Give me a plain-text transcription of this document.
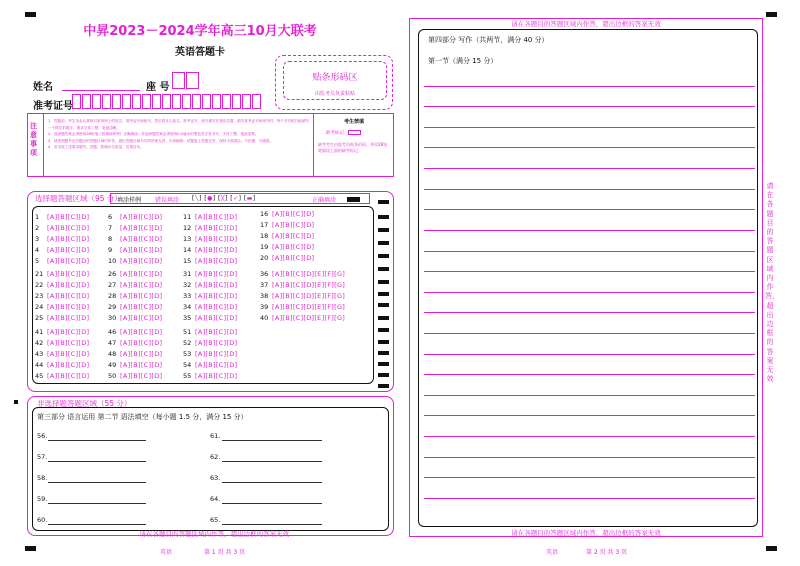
中昇2023－2024学年高三10月大联考
英语答题卡
姓名	座 号
准考证号
贴条形码区
由监考员负责粘贴
注意事项
1．答题前，考生务必认真核对条形码上的姓名、准考证号和座号，然后将本人姓名、准考证号、座号填写在相应位置，填写准考证号和座号时，每个书写框只能填写一个阿拉伯数字，要求字体工整、笔迹清晰。
2．选择题答案必须使用2B铅笔（按填涂样例）正确填涂；非选择题答案必须使用0.5毫米的黑色签字笔书写，字体工整、笔迹清楚。
3．请按照题号在各题目的答题区域内作答，超出答题区域书写的答案无效；在草稿纸、试题卷上答题无效，保持卡面清洁，不折叠，不破损。
4．若未按上述要求填写、答题，影响评分质量，后果自负。
考生禁填
缺考标记
缺考考生由监考员贴条形码，并用2B铅笔填涂上面的缺考标记。
选择题答题区域（95 分）
填涂样例 错误填涂 [╲] [●] [╳] [✓] [▬]	正确填涂
1 [A][B][C][D]
2 [A][B][C][D]
3 [A][B][C][D]
4 [A][B][C][D]
5 [A][B][C][D]
6 [A][B][C][D]
7 [A][B][C][D]
8 [A][B][C][D]
9 [A][B][C][D]
10 [A][B][C][D]
11 [A][B][C][D]
12 [A][B][C][D]
13 [A][B][C][D]
14 [A][B][C][D]
15 [A][B][C][D]
16 [A][B][C][D]
17 [A][B][C][D]
18 [A][B][C][D]
19 [A][B][C][D]
20 [A][B][C][D]
21 [A][B][C][D]
22 [A][B][C][D]
23 [A][B][C][D]
24 [A][B][C][D]
25 [A][B][C][D]
26 [A][B][C][D]
27 [A][B][C][D]
28 [A][B][C][D]
29 [A][B][C][D]
30 [A][B][C][D]
31 [A][B][C][D]
32 [A][B][C][D]
33 [A][B][C][D]
34 [A][B][C][D]
35 [A][B][C][D]
36 [A][B][C][D][E][F][G]
37 [A][B][C][D][E][F][G]
38 [A][B][C][D][E][F][G]
39 [A][B][C][D][E][F][G]
40 [A][B][C][D][E][F][G]
41 [A][B][C][D]
42 [A][B][C][D]
43 [A][B][C][D]
44 [A][B][C][D]
45 [A][B][C][D]
46 [A][B][C][D]
47 [A][B][C][D]
48 [A][B][C][D]
49 [A][B][C][D]
50 [A][B][C][D]
51 [A][B][C][D]
52 [A][B][C][D]
53 [A][B][C][D]
54 [A][B][C][D]
55 [A][B][C][D]
非选择题答题区域（55 分）
第三部分 语言运用 第二节 语法填空（每小题 1.5 分，满分 15 分）
56.
57.
58.
59.
60.
61.
62.
63.
64.
65.
请在各题目的答题区域内作答，超出边框的答案无效
请在各题目的答题区域内作答，超出边框的答案无效
第四部分 写作（共两节，满分 40 分）
第一节（满分 15 分）
请在各题目的答题区域内作答，超出边框的答案无效
请在各题目的答题区域内作答，超出边框的答案无效
英语	第 1 页 共 3 页	英语	第 2 页 共 3 页
